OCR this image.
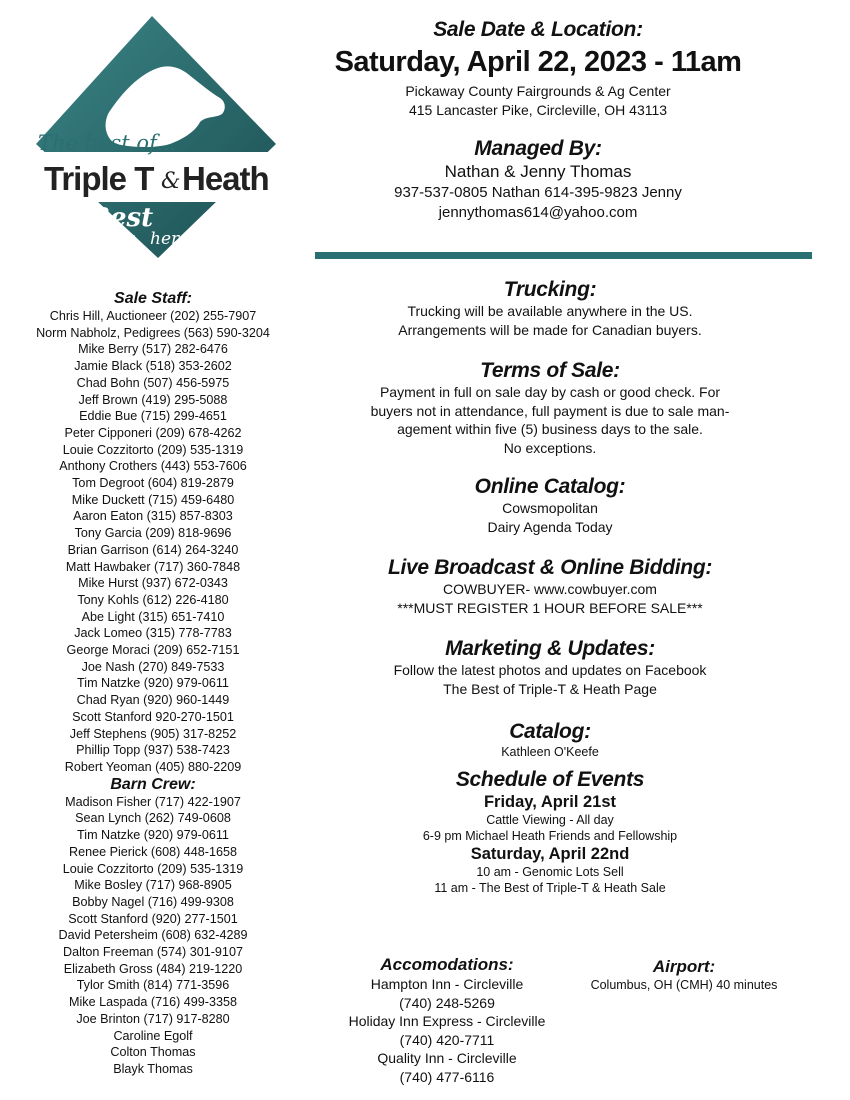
The best of...
Triple T & Heath
Best
of both herds!
Sale Staff:
Chris Hill, Auctioneer (202) 255-7907
Norm Nabholz, Pedigrees (563) 590-3204
Mike Berry (517) 282-6476
Jamie Black (518) 353-2602
Chad Bohn (507) 456-5975
Jeff Brown (419) 295-5088
Eddie Bue (715) 299-4651
Peter Cipponeri (209) 678-4262
Louie Cozzitorto (209) 535-1319
Anthony Crothers (443) 553-7606
Tom Degroot (604) 819-2879
Mike Duckett (715) 459-6480
Aaron Eaton (315) 857-8303
Tony Garcia (209) 818-9696
Brian Garrison (614) 264-3240
Matt Hawbaker (717) 360-7848
Mike Hurst (937) 672-0343
Tony Kohls (612) 226-4180
Abe Light (315) 651-7410
Jack Lomeo (315) 778-7783
George Moraci (209) 652-7151
Joe Nash (270) 849-7533
Tim Natzke (920) 979-0611
Chad Ryan (920) 960-1449
Scott Stanford 920-270-1501
Jeff Stephens (905) 317-8252
Phillip Topp (937) 538-7423
Robert Yeoman (405) 880-2209
Barn Crew:
Madison Fisher (717) 422-1907
Sean Lynch (262) 749-0608
Tim Natzke (920) 979-0611
Renee Pierick (608) 448-1658
Louie Cozzitorto (209) 535-1319
Mike Bosley (717) 968-8905
Bobby Nagel (716) 499-9308
Scott Stanford (920) 277-1501
David Petersheim (608) 632-4289
Dalton Freeman (574) 301-9107
Elizabeth Gross (484) 219-1220
Tylor Smith (814) 771-3596
Mike Laspada (716) 499-3358
Joe Brinton (717) 917-8280
Caroline Egolf
Colton Thomas
Blayk Thomas
Sale Date & Location:
Saturday, April 22, 2023 - 11am
Pickaway County Fairgrounds & Ag Center
415 Lancaster Pike, Circleville, OH 43113
Managed By:
Nathan & Jenny Thomas
937-537-0805 Nathan 614-395-9823 Jenny
jennythomas614@yahoo.com
Trucking:
Trucking will be available anywhere in the US.
Arrangements will be made for Canadian buyers.
Terms of Sale:
Payment in full on sale day by cash or good check. For
buyers not in attendance, full payment is due to sale man-
agement within five (5) business days to the sale.
No exceptions.
Online Catalog:
Cowsmopolitan
Dairy Agenda Today
Live Broadcast & Online Bidding:
COWBUYER- www.cowbuyer.com
***MUST REGISTER 1 HOUR BEFORE SALE***
Marketing & Updates:
Follow the latest photos and updates on Facebook
The Best of Triple-T & Heath Page
Catalog:
Kathleen O'Keefe
Schedule of Events
Friday, April 21st
Cattle Viewing - All day
6-9 pm Michael Heath Friends and Fellowship
Saturday, April 22nd
10 am - Genomic Lots Sell
11 am - The Best of Triple-T & Heath Sale
Accomodations:
Hampton Inn - Circleville
(740) 248-5269
Holiday Inn Express - Circleville
(740) 420-7711
Quality Inn - Circleville
(740) 477-6116
Airport:
Columbus, OH (CMH) 40 minutes
